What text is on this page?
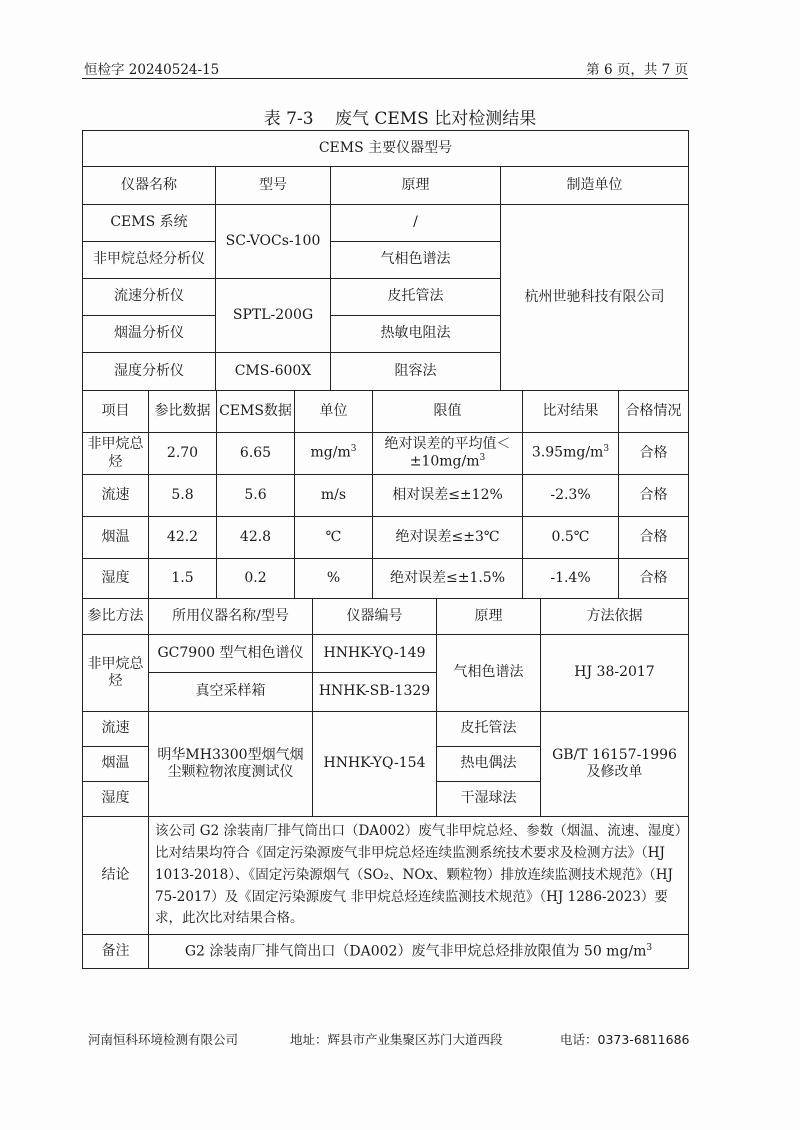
恒检字 20240524-15	第 6 页，共 7 页
表 7-3 废气 CEMS 比对检测结果
CEMS 主要仪器型号			
仪器名称	型号	原理	制造单位
CEMS 系统	SC-VOCs-100	/	杭州世驰科技有限公司
非甲烷总烃分析仪		气相色谱法	
流速分析仪	SPTL-200G	皮托管法	
烟温分析仪		热敏电阻法	
湿度分析仪	CMS-600X	阻容法	
项目	参比数据	CEMS数据	单位	限值	比对结果	合格情况
非甲烷总烃	2.70	6.65	$mg/m^3$	绝对误差的平均值$<\pm 10mg/m^3$	$3.95mg/m^3$	合格
流速	5.8	5.6	m/s	相对误差≤±12%	-2.3%	合格
烟温	42.2	42.8	℃	绝对误差≤±3℃	0.5℃	合格
湿度	1.5	0.2	%	绝对误差≤±1.5%	-1.4%	合格
参比方法	所用仪器名称/型号	仪器编号	原理	方法依据
非甲烷总烃	GC7900 型气相色谱仪	HNHK-YQ-149	气相色谱法	HJ 38-2017
	真空采样箱	HNHK-SB-1329		
流速	明华MH3300型烟气烟尘颗粒物浓度测试仪	HNHK-YQ-154	皮托管法	GB/T 16157-1996 及修改单
烟温			热电偶法	
湿度			干湿球法	
结论	该公司 G2 涂装南厂排气筒出口（DA002）废气非甲烷总烃、参数（烟温、流速、湿度）比对结果均符合《固定污染源废气非甲烷总烃连续监测系统技术要求及检测方法》（HJ 1013-2018）、《固定污染源烟气（SO₂、NOx、颗粒物）排放连续监测技术规范》（HJ 75-2017）及《固定污染源废气 非甲烷总烃连续监测技术规范》（HJ 1286-2023）要求，此次比对结果合格。
备注	G2 涂装南厂排气筒出口（DA002）废气非甲烷总烃排放限值为 50 $mg/m^3$
河南恒科环境检测有限公司	地址：辉县市产业集聚区苏门大道西段	电话：0373-6811686
